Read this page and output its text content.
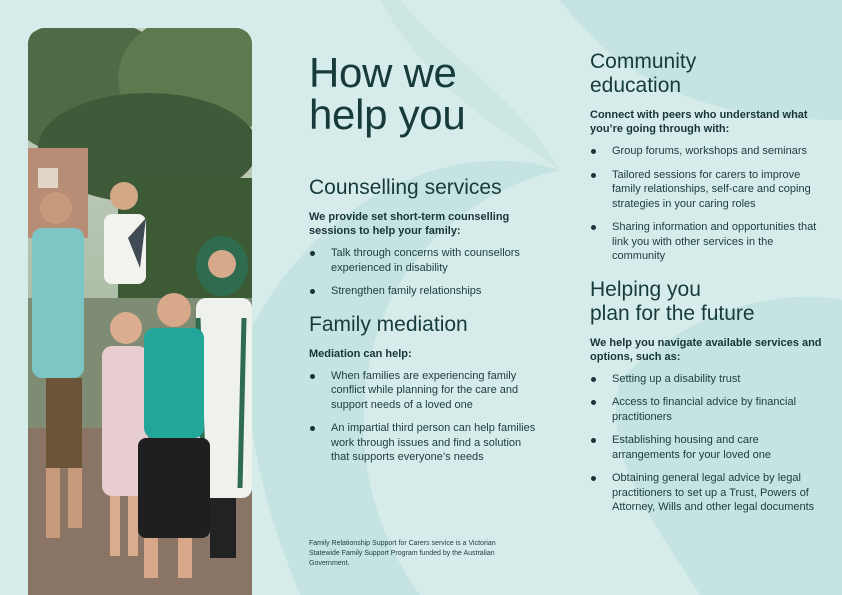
How we
help you
Counselling services

We provide set short-term counselling sessions to help your family:

Talk through concerns with counsellors experienced in disability
Strengthen family relationships
Family mediation

Mediation can help:

When families are experiencing family conflict while planning for the care and support needs of a loved one
An impartial third person can help families work through issues and find a solution that supports everyone’s needs
Family Relationship Support for Carers service is a Victorian Statewide Family Support Program funded by the Australian Government.
Community
education

Connect with peers who understand what you’re going through with:

Group forums, workshops and seminars
Tailored sessions for carers to improve family relationships, self-care and coping strategies in your caring roles
Sharing information and opportunities that link you with other services in the community
Helping you
plan for the future

We help you navigate available services and options, such as:

Setting up a disability trust
Access to financial advice by financial practitioners
Establishing housing and care arrangements for your loved one
Obtaining general legal advice by legal practitioners to set up a Trust, Powers of Attorney, Wills and other legal documents
